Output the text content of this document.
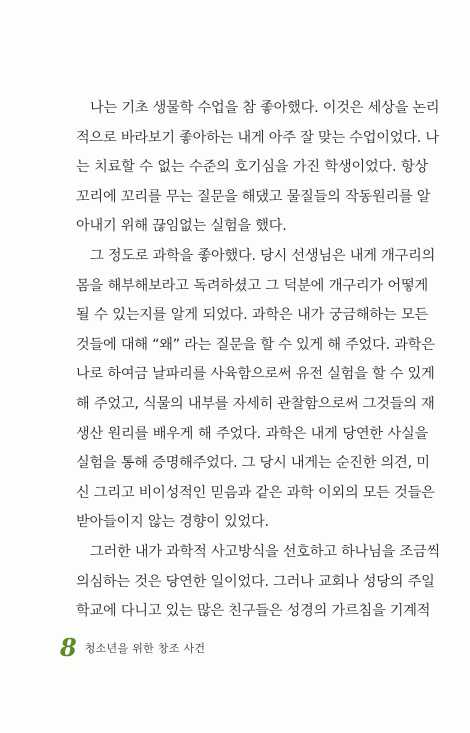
나는 기초 생물학 수업을 참 좋아했다. 이것은 세상을 논리
적으로 바라보기 좋아하는 내게 아주 잘 맞는 수업이었다. 나
는 치료할 수 없는 수준의 호기심을 가진 학생이었다. 항상
꼬리에 꼬리를 무는 질문을 해댔고 물질들의 작동원리를 알
아내기 위해 끊임없는 실험을 했다.
그 정도로 과학을 좋아했다. 당시 선생님은 내게 개구리의
몸을 해부해보라고 독려하셨고 그 덕분에 개구리가 어떻게
될 수 있는지를 알게 되었다. 과학은 내가 궁금해하는 모든
것들에 대해 “왜” 라는 질문을 할 수 있게 해 주었다. 과학은
나로 하여금 날파리를 사육함으로써 유전 실험을 할 수 있게
해 주었고, 식물의 내부를 자세히 관찰함으로써 그것들의 재
생산 원리를 배우게 해 주었다. 과학은 내게 당연한 사실을
실험을 통해 증명해주었다. 그 당시 내게는 순진한 의견, 미
신 그리고 비이성적인 믿음과 같은 과학 이외의 모든 것들은
받아들이지 않는 경향이 있었다.
그러한 내가 과학적 사고방식을 선호하고 하나님을 조금씩
의심하는 것은 당연한 일이었다. 그러나 교회나 성당의 주일
학교에 다니고 있는 많은 친구들은 성경의 가르침을 기계적
8 청소년을 위한 창조 사건
